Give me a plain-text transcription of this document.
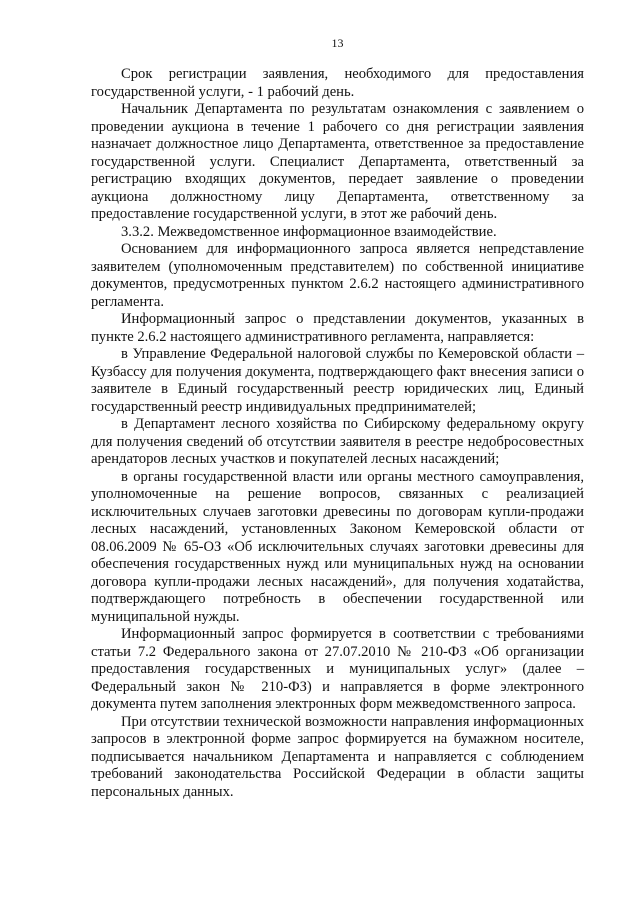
13

Срок регистрации заявления, необходимого для предоставления государственной услуги, - 1 рабочий день.

Начальник Департамента по результатам ознакомления с заявлением о проведении аукциона в течение 1 рабочего со дня регистрации заявления назначает должностное лицо Департамента, ответственное за предоставление государственной услуги. Специалист Департамента, ответственный за регистрацию входящих документов, передает заявление о проведении аукциона должностному лицу Департамента, ответственному за предоставление государственной услуги, в этот же рабочий день.

3.3.2. Межведомственное информационное взаимодействие.

Основанием для информационного запроса является непредставление заявителем (уполномоченным представителем) по собственной инициативе документов, предусмотренных пунктом 2.6.2 настоящего административного регламента.

Информационный запрос о представлении документов, указанных в пункте 2.6.2 настоящего административного регламента, направляется:

в Управление Федеральной налоговой службы по Кемеровской области – Кузбассу для получения документа, подтверждающего факт внесения записи о заявителе в Единый государственный реестр юридических лиц, Единый государственный реестр индивидуальных предпринимателей;

в Департамент лесного хозяйства по Сибирскому федеральному округу для получения сведений об отсутствии заявителя в реестре недобросовестных арендаторов лесных участков и покупателей лесных насаждений;

в органы государственной власти или органы местного самоуправления, уполномоченные на решение вопросов, связанных с реализацией исключительных случаев заготовки древесины по договорам купли-продажи лесных насаждений, установленных Законом Кемеровской области от 08.06.2009 № 65-ОЗ «Об исключительных случаях заготовки древесины для обеспечения государственных нужд или муниципальных нужд на основании договора купли-продажи лесных насаждений», для получения ходатайства, подтверждающего потребность в обеспечении государственной или муниципальной нужды.

Информационный запрос формируется в соответствии с требованиями статьи 7.2 Федерального закона от 27.07.2010 № 210-ФЗ «Об организации предоставления государственных и муниципальных услуг» (далее – Федеральный закон № 210-ФЗ) и направляется в форме электронного документа путем заполнения электронных форм межведомственного запроса.

При отсутствии технической возможности направления информационных запросов в электронной форме запрос формируется на бумажном носителе, подписывается начальником Департамента и направляется с соблюдением требований законодательства Российской Федерации в области защиты персональных данных.
